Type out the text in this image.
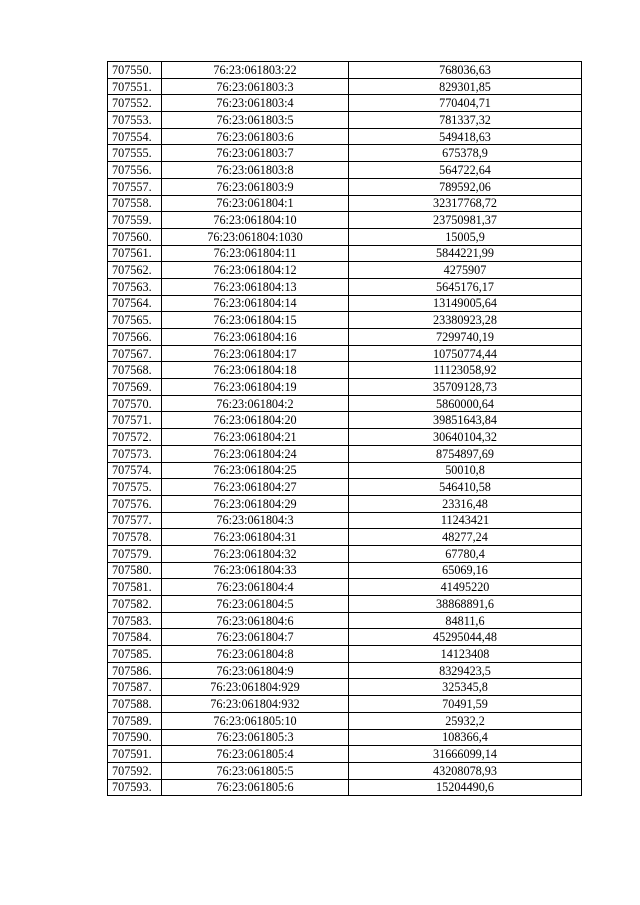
707550.	76:23:061803:22	768036,63
707551.	76:23:061803:3	829301,85
707552.	76:23:061803:4	770404,71
707553.	76:23:061803:5	781337,32
707554.	76:23:061803:6	549418,63
707555.	76:23:061803:7	675378,9
707556.	76:23:061803:8	564722,64
707557.	76:23:061803:9	789592,06
707558.	76:23:061804:1	32317768,72
707559.	76:23:061804:10	23750981,37
707560.	76:23:061804:1030	15005,9
707561.	76:23:061804:11	5844221,99
707562.	76:23:061804:12	4275907
707563.	76:23:061804:13	5645176,17
707564.	76:23:061804:14	13149005,64
707565.	76:23:061804:15	23380923,28
707566.	76:23:061804:16	7299740,19
707567.	76:23:061804:17	10750774,44
707568.	76:23:061804:18	11123058,92
707569.	76:23:061804:19	35709128,73
707570.	76:23:061804:2	5860000,64
707571.	76:23:061804:20	39851643,84
707572.	76:23:061804:21	30640104,32
707573.	76:23:061804:24	8754897,69
707574.	76:23:061804:25	50010,8
707575.	76:23:061804:27	546410,58
707576.	76:23:061804:29	23316,48
707577.	76:23:061804:3	11243421
707578.	76:23:061804:31	48277,24
707579.	76:23:061804:32	67780,4
707580.	76:23:061804:33	65069,16
707581.	76:23:061804:4	41495220
707582.	76:23:061804:5	38868891,6
707583.	76:23:061804:6	84811,6
707584.	76:23:061804:7	45295044,48
707585.	76:23:061804:8	14123408
707586.	76:23:061804:9	8329423,5
707587.	76:23:061804:929	325345,8
707588.	76:23:061804:932	70491,59
707589.	76:23:061805:10	25932,2
707590.	76:23:061805:3	108366,4
707591.	76:23:061805:4	31666099,14
707592.	76:23:061805:5	43208078,93
707593.	76:23:061805:6	15204490,6
